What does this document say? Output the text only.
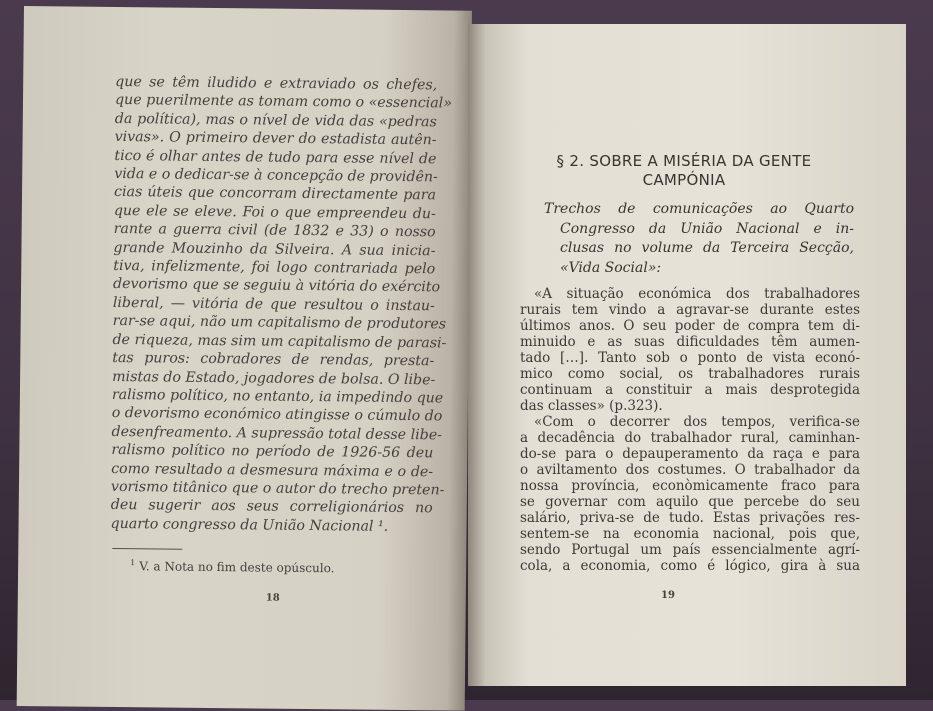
que se têm iludido e extraviado os chefes,
que puerilmente as tomam como o «essencial»
da política), mas o nível de vida das «pedras
vivas». O primeiro dever do estadista autên-
tico é olhar antes de tudo para esse nível de
vida e o dedicar-se à concepção de providên-
cias úteis que concorram directamente para
que ele se eleve. Foi o que empreendeu du-
rante a guerra civil (de 1832 e 33) o nosso
grande Mouzinho da Silveira. A sua inicia-
tiva, infelizmente, foi logo contrariada pelo
devorismo que se seguiu à vitória do exército
liberal, — vitória de que resultou o instau-
rar-se aqui, não um capitalismo de produtores
de riqueza, mas sim um capitalismo de parasi-
tas puros: cobradores de rendas, presta-
mistas do Estado, jogadores de bolsa. O libe-
ralismo político, no entanto, ia impedindo que
o devorismo económico atingisse o cúmulo do
desenfreamento. A supressão total desse libe-
ralismo político no período de 1926-56 deu
como resultado a desmesura máxima e o de-
vorismo titânico que o autor do trecho preten-
deu sugerir aos seus correligionários no
quarto congresso da União Nacional ¹.
$^1$ V. a Nota no fim deste opúsculo.
18
§ 2. SOBRE A MISÉRIA DA GENTE
CAMPÓNIA
Trechos de comunicações ao Quarto
Congresso da União Nacional e in-
clusas no volume da Terceira Secção,
«Vida Social»:
«A situação económica dos trabalhadores
rurais tem vindo a agravar-se durante estes
últimos anos. O seu poder de compra tem di-
minuido e as suas dificuldades têm aumen-
tado […]. Tanto sob o ponto de vista econó-
mico como social, os trabalhadores rurais
continuam a constituir a mais desprotegida
das classes» (p.323).
«Com o decorrer dos tempos, verifica-se
a decadência do trabalhador rural, caminhan-
do-se para o depauperamento da raça e para
o aviltamento dos costumes. O trabalhador da
nossa província, econòmicamente fraco para
se governar com aquilo que percebe do seu
salário, priva-se de tudo. Estas privações res-
sentem-se na economia nacional, pois que,
sendo Portugal um país essencialmente agrí-
cola, a economia, como é lógico, gira à sua
19
